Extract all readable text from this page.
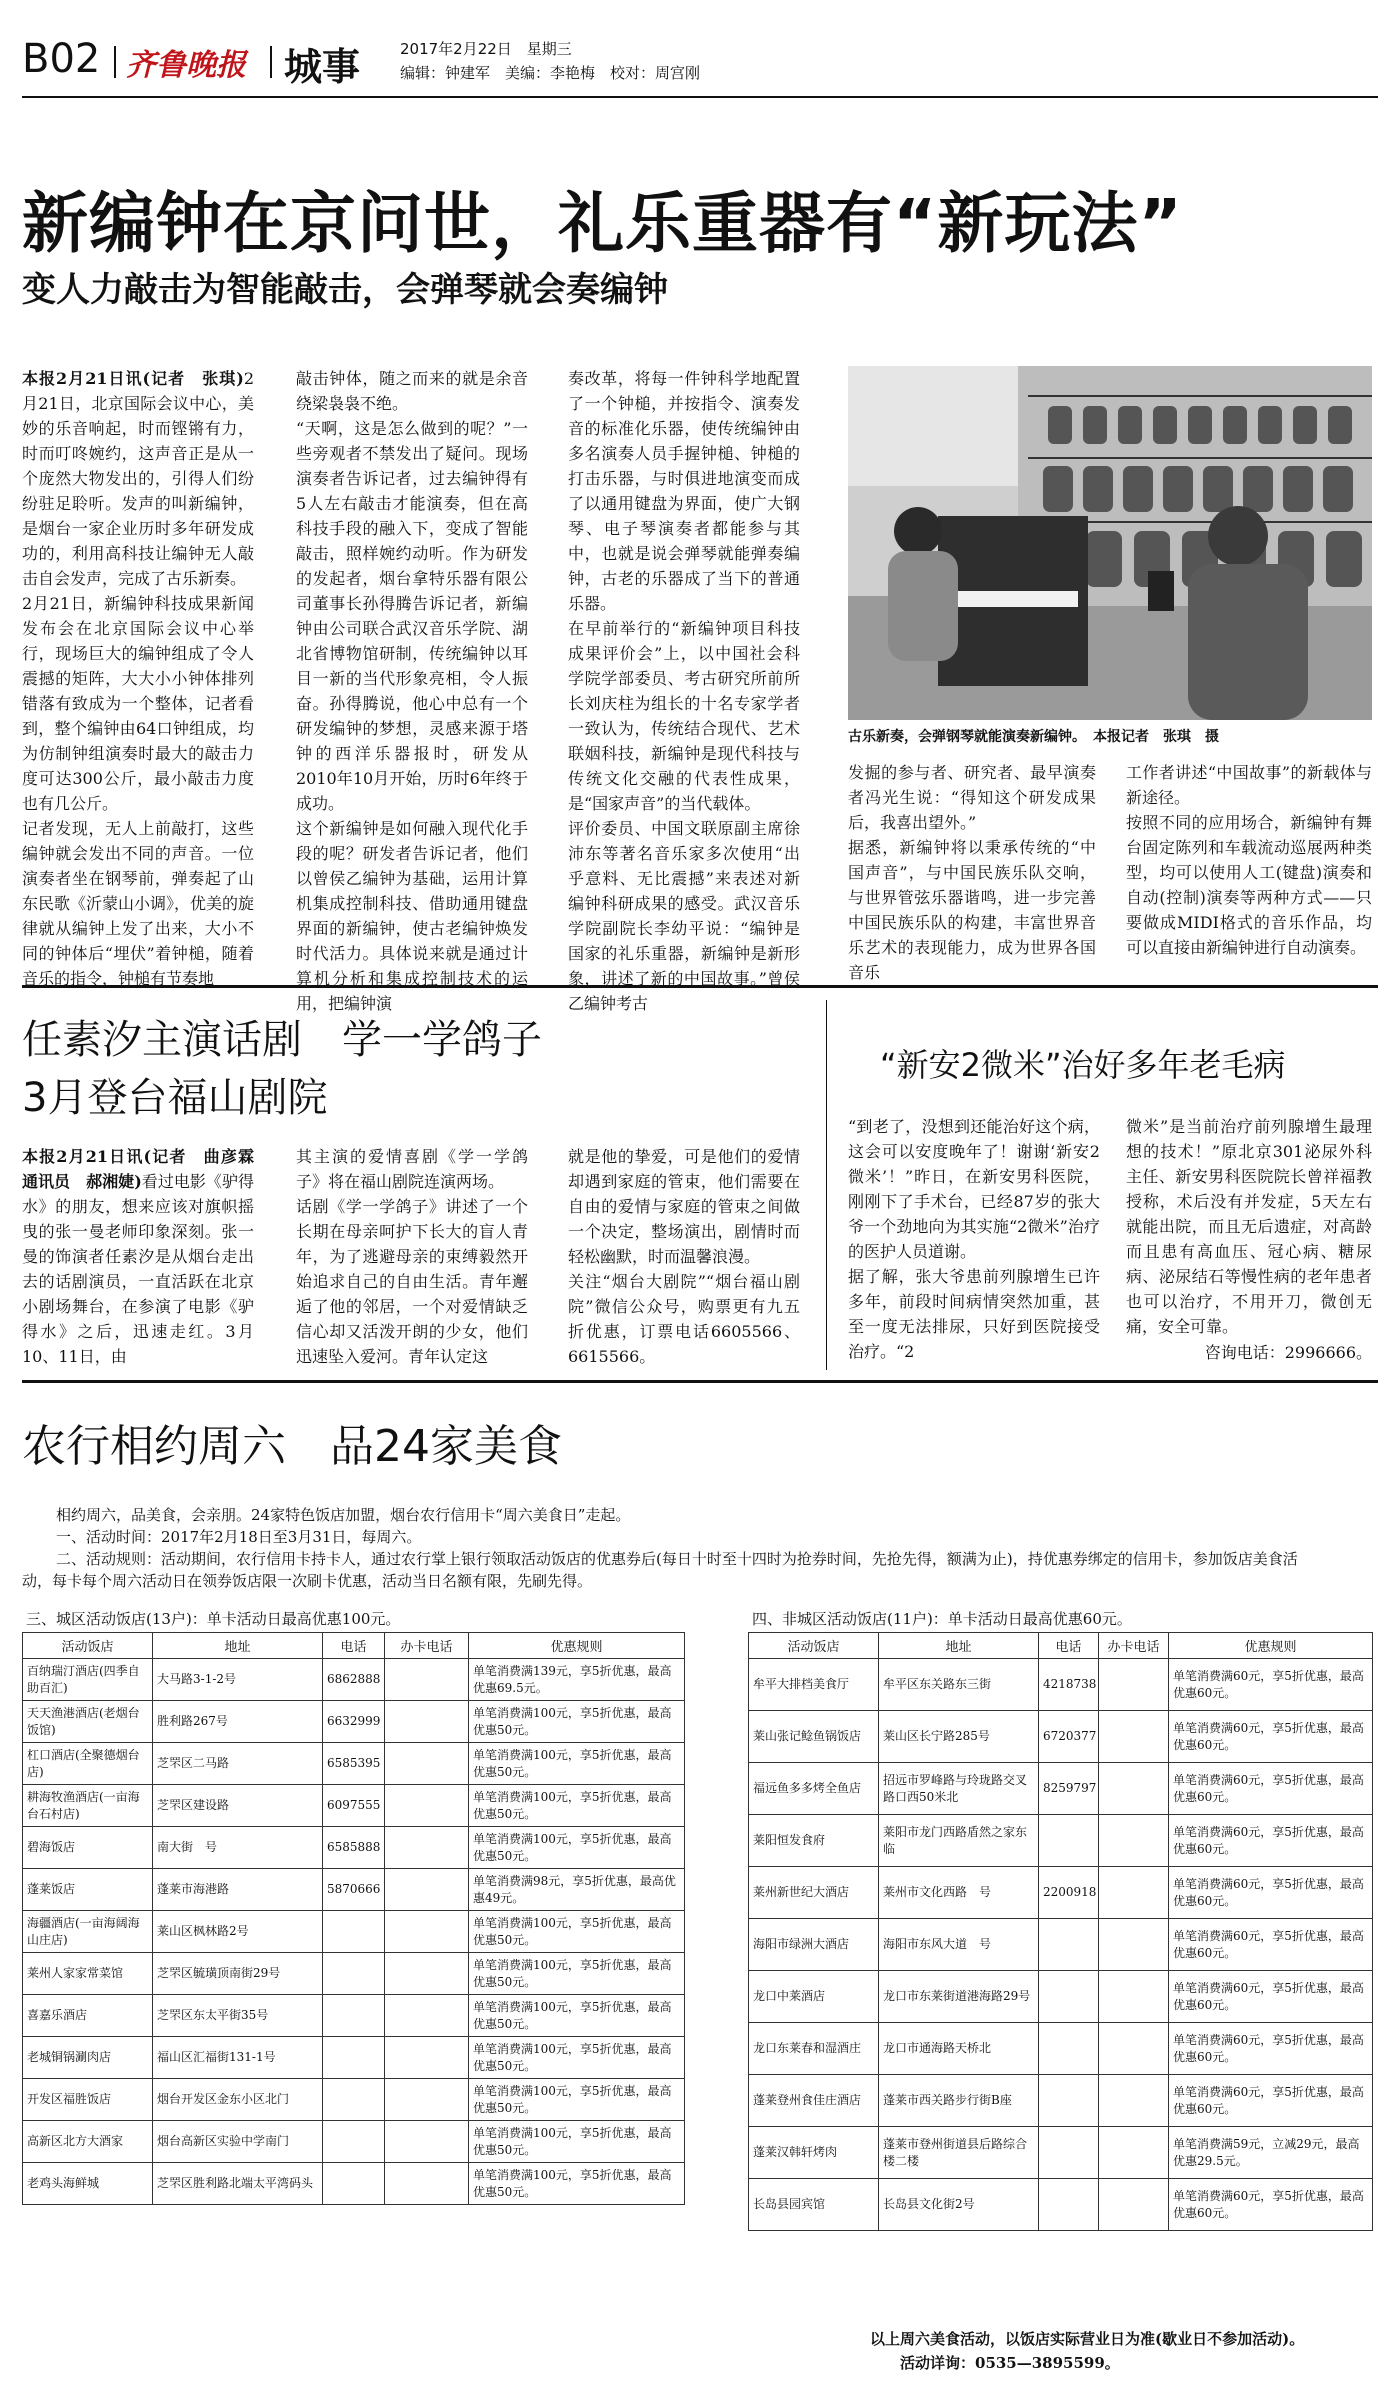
B02 齐鲁晚报 城事	2017年2月22日　星期三
编辑：钟建军　美编：李艳梅　校对：周宫刚
新编钟在京问世，礼乐重器有“新玩法”
变人力敲击为智能敲击，会弹琴就会奏编钟
本报2月21日讯(记者　张琪)2月21日，北京国际会议中心，美妙的乐音响起，时而铿锵有力，时而叮咚婉约，这声音正是从一个庞然大物发出的，引得人们纷纷驻足聆听。发声的叫新编钟，是烟台一家企业历时多年研发成功的，利用高科技让编钟无人敲击自会发声，完成了古乐新奏。
2月21日，新编钟科技成果新闻发布会在北京国际会议中心举行，现场巨大的编钟组成了令人震撼的矩阵，大大小小钟体排列错落有致成为一个整体，记者看到，整个编钟由64口钟组成，均为仿制钟组演奏时最大的敲击力度可达300公斤，最小敲击力度也有几公斤。
记者发现，无人上前敲打，这些编钟就会发出不同的声音。一位演奏者坐在钢琴前，弹奏起了山东民歌《沂蒙山小调》，优美的旋律就从编钟上发了出来，大小不同的钟体后“埋伏”着钟槌，随着音乐的指令，钟槌有节奏地
敲击钟体，随之而来的就是余音绕梁袅袅不绝。
“天啊，这是怎么做到的呢？”一些旁观者不禁发出了疑问。现场演奏者告诉记者，过去编钟得有5人左右敲击才能演奏，但在高科技手段的融入下，变成了智能敲击，照样婉约动听。作为研发的发起者，烟台拿特乐器有限公司董事长孙得腾告诉记者，新编钟由公司联合武汉音乐学院、湖北省博物馆研制，传统编钟以耳目一新的当代形象亮相，令人振奋。孙得腾说，他心中总有一个研发编钟的梦想，灵感来源于塔钟的西洋乐器报时，研发从2010年10月开始，历时6年终于成功。
这个新编钟是如何融入现代化手段的呢？研发者告诉记者，他们以曾侯乙编钟为基础，运用计算机集成控制科技、借助通用键盘界面的新编钟，使古老编钟焕发时代活力。具体说来就是通过计算机分析和集成控制技术的运用，把编钟演
奏改革，将每一件钟科学地配置了一个钟槌，并按指令、演奏发音的标准化乐器，使传统编钟由多名演奏人员手握钟槌、钟槌的打击乐器，与时俱进地演变而成了以通用键盘为界面，使广大钢琴、电子琴演奏者都能参与其中，也就是说会弹琴就能弹奏编钟，古老的乐器成了当下的普通乐器。
在早前举行的“新编钟项目科技成果评价会”上，以中国社会科学院学部委员、考古研究所前所长刘庆柱为组长的十名专家学者一致认为，传统结合现代、艺术联姻科技，新编钟是现代科技与传统文化交融的代表性成果，是“国家声音”的当代载体。
评价委员、中国文联原副主席徐沛东等著名音乐家多次使用“出乎意料、无比震撼”来表述对新编钟科研成果的感受。武汉音乐学院副院长李幼平说：“编钟是国家的礼乐重器，新编钟是新形象，讲述了新的中国故事。”曾侯乙编钟考古
古乐新奏，会弹钢琴就能演奏新编钟。　本报记者　张琪　摄
发掘的参与者、研究者、最早演奏者冯光生说：“得知这个研发成果后，我喜出望外。”
据悉，新编钟将以秉承传统的“中国声音”，与中国民族乐队交响，与世界管弦乐器谐鸣，进一步完善中国民族乐队的构建，丰富世界音乐艺术的表现能力，成为世界各国音乐
工作者讲述“中国故事”的新载体与新途径。
按照不同的应用场合，新编钟有舞台固定陈列和车载流动巡展两种类型，均可以使用人工(键盘)演奏和自动(控制)演奏等两种方式——只要做成MIDI格式的音乐作品，均可以直接由新编钟进行自动演奏。
任素汐主演话剧　学一学鸽子
3月登台福山剧院
本报2月21日讯(记者　曲彦霖　通讯员　郝湘婕)看过电影《驴得水》的朋友，想来应该对旗帜摇曳的张一曼老师印象深刻。张一曼的饰演者任素汐是从烟台走出去的话剧演员，一直活跃在北京小剧场舞台，在参演了电影《驴得水》之后，迅速走红。3月10、11日，由
其主演的爱情喜剧《学一学鸽子》将在福山剧院连演两场。
话剧《学一学鸽子》讲述了一个长期在母亲呵护下长大的盲人青年，为了逃避母亲的束缚毅然开始追求自己的自由生活。青年邂逅了他的邻居，一个对爱情缺乏信心却又活泼开朗的少女，他们迅速坠入爱河。青年认定这
就是他的挚爱，可是他们的爱情却遇到家庭的管束，他们需要在自由的爱情与家庭的管束之间做一个决定，整场演出，剧情时而轻松幽默，时而温馨浪漫。
关注“烟台大剧院”“烟台福山剧院”微信公众号，购票更有九五折优惠，订票电话6605566、6615566。
“新安2微米”治好多年老毛病
“到老了，没想到还能治好这个病，这会可以安度晚年了！谢谢‘新安2微米’！”昨日，在新安男科医院，刚刚下了手术台，已经87岁的张大爷一个劲地向为其实施“2微米”治疗的医护人员道谢。
据了解，张大爷患前列腺增生已许多年，前段时间病情突然加重，甚至一度无法排尿，只好到医院接受治疗。“2
微米”是当前治疗前列腺增生最理想的技术！”原北京301泌尿外科主任、新安男科医院院长曾祥福教授称，术后没有并发症，5天左右就能出院，而且无后遗症，对高龄而且患有高血压、冠心病、糖尿病、泌尿结石等慢性病的老年患者也可以治疗，不用开刀，微创无痛，安全可靠。
咨询电话：2996666。
农行相约周六　品24家美食
相约周六，品美食，会亲朋。24家特色饭店加盟，烟台农行信用卡“周六美食日”走起。
一、活动时间：2017年2月18日至3月31日，每周六。
二、活动规则：活动期间，农行信用卡持卡人，通过农行掌上银行领取活动饭店的优惠券后(每日十时至十四时为抢券时间，先抢先得，额满为止)，持优惠券绑定的信用卡，参加饭店美食活动，每卡每个周六活动日在领券饭店限一次刷卡优惠，活动当日名额有限，先刷先得。
三、城区活动饭店(13户)：单卡活动日最高优惠100元。	四、非城区活动饭店(11户)：单卡活动日最高优惠60元。
活动饭店	地址	电话	办卡电话	优惠规则
百纳瑞汀酒店(四季自助百汇)	大马路3-1-2号	6862888		单笔消费满139元，享5折优惠，最高优惠69.5元。
天天渔港酒店(老烟台饭馆)	胜利路267号	6632999		单笔消费满100元，享5折优惠，最高优惠50元。
杠口酒店(全聚德烟台店)	芝罘区二马路	6585395		单笔消费满100元，享5折优惠，最高优惠50元。
耕海牧渔酒店(一亩海台石村店)	芝罘区建设路	6097555		单笔消费满100元，享5折优惠，最高优惠50元。
碧海饭店	南大街　号	6585888		单笔消费满100元，享5折优惠，最高优惠50元。
蓬莱饭店	蓬莱市海港路	5870666		单笔消费满98元，享5折优惠，最高优惠49元。
海疆酒店(一亩海阔海山庄店)	莱山区枫林路2号			单笔消费满100元，享5折优惠，最高优惠50元。
莱州人家家常菜馆	芝罘区毓璜顶南街29号			单笔消费满100元，享5折优惠，最高优惠50元。
喜嘉乐酒店	芝罘区东太平街35号			单笔消费满100元，享5折优惠，最高优惠50元。
老城铜锅涮肉店	福山区汇福街131-1号			单笔消费满100元，享5折优惠，最高优惠50元。
开发区福胜饭店	烟台开发区金东小区北门			单笔消费满100元，享5折优惠，最高优惠50元。
高新区北方大酒家	烟台高新区实验中学南门			单笔消费满100元，享5折优惠，最高优惠50元。
老鸡头海鲜城	芝罘区胜利路北端太平湾码头			单笔消费满100元，享5折优惠，最高优惠50元。
活动饭店	地址	电话	办卡电话	优惠规则
牟平大排档美食厅	牟平区东关路东三街	4218738		单笔消费满60元，享5折优惠，最高优惠60元。
莱山张记鲶鱼锅饭店	莱山区长宁路285号	6720377		单笔消费满60元，享5折优惠，最高优惠60元。
福远鱼多多烤全鱼店	招远市罗峰路与玲珑路交叉路口西50米北	8259797		单笔消费满60元，享5折优惠，最高优惠60元。
莱阳恒发食府	莱阳市龙门西路盾然之家东临			单笔消费满60元，享5折优惠，最高优惠60元。
莱州新世纪大酒店	莱州市文化西路　号	2200918		单笔消费满60元，享5折优惠，最高优惠60元。
海阳市绿洲大酒店	海阳市东风大道　号			单笔消费满60元，享5折优惠，最高优惠60元。
龙口中莱酒店	龙口市东莱街道港海路29号			单笔消费满60元，享5折优惠，最高优惠60元。
龙口东莱春和湿酒庄	龙口市通海路天桥北			单笔消费满60元，享5折优惠，最高优惠60元。
蓬莱登州食佳庄酒店	蓬莱市西关路步行街B座			单笔消费满60元，享5折优惠，最高优惠60元。
蓬莱汉韩轩烤肉	蓬莱市登州街道县后路综合楼二楼			单笔消费满59元，立减29元，最高优惠29.5元。
长岛县园宾馆	长岛县文化街2号			单笔消费满60元，享5折优惠，最高优惠60元。
以上周六美食活动，以饭店实际营业日为准(歇业日不参加活动)。
活动详询：0535—3895599。
